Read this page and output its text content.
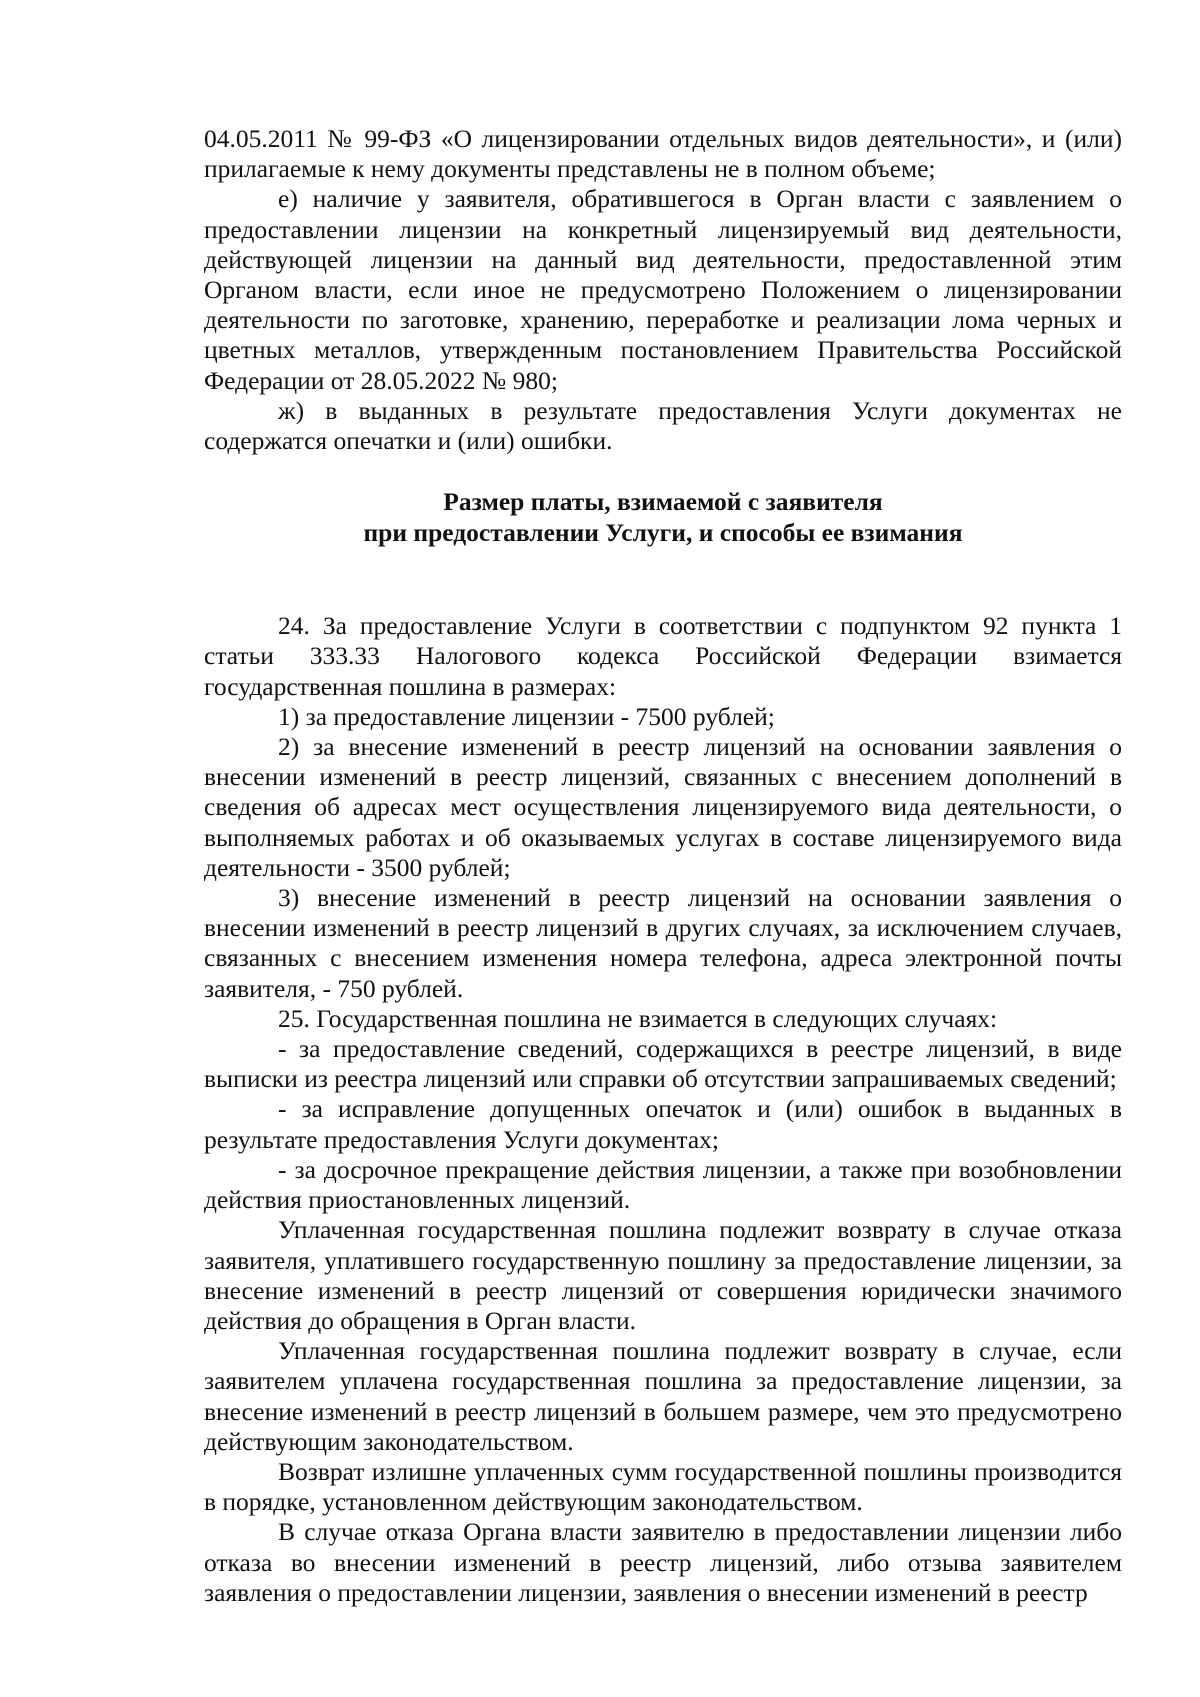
04.05.2011 № 99-ФЗ «О лицензировании отдельных видов деятельности», и (или) прилагаемые к нему документы представлены не в полном объеме;

е) наличие у заявителя, обратившегося в Орган власти с заявлением о предоставлении лицензии на конкретный лицензируемый вид деятельности, действующей лицензии на данный вид деятельности, предоставленной этим Органом власти, если иное не предусмотрено Положением о лицензировании деятельности по заготовке, хранению, переработке и реализации лома черных и цветных металлов, утвержденным постановлением Правительства Российской Федерации от 28.05.2022 № 980;

ж) в выданных в результате предоставления Услуги документах не содержатся опечатки и (или) ошибки.

Размер платы, взимаемой с заявителя
при предоставлении Услуги, и способы ее взимания

24. За предоставление Услуги в соответствии с подпунктом 92 пункта 1 статьи 333.33 Налогового кодекса Российской Федерации взимается государственная пошлина в размерах:

1) за предоставление лицензии - 7500 рублей;

2) за внесение изменений в реестр лицензий на основании заявления о внесении изменений в реестр лицензий, связанных с внесением дополнений в сведения об адресах мест осуществления лицензируемого вида деятельности, о выполняемых работах и об оказываемых услугах в составе лицензируемого вида деятельности - 3500 рублей;

3) внесение изменений в реестр лицензий на основании заявления о внесении изменений в реестр лицензий в других случаях, за исключением случаев, связанных с внесением изменения номера телефона, адреса электронной почты заявителя, - 750 рублей.

25. Государственная пошлина не взимается в следующих случаях:

- за предоставление сведений, содержащихся в реестре лицензий, в виде выписки из реестра лицензий или справки об отсутствии запрашиваемых сведений;

- за исправление допущенных опечаток и (или) ошибок в выданных в результате предоставления Услуги документах;

- за досрочное прекращение действия лицензии, а также при возобновлении действия приостановленных лицензий.

Уплаченная государственная пошлина подлежит возврату в случае отказа заявителя, уплатившего государственную пошлину за предоставление лицензии, за внесение изменений в реестр лицензий от совершения юридически значимого действия до обращения в Орган власти.

Уплаченная государственная пошлина подлежит возврату в случае, если заявителем уплачена государственная пошлина за предоставление лицензии, за внесение изменений в реестр лицензий в большем размере, чем это предусмотрено действующим законодательством.

Возврат излишне уплаченных сумм государственной пошлины производится в порядке, установленном действующим законодательством.

В случае отказа Органа власти заявителю в предоставлении лицензии либо отказа во внесении изменений в реестр лицензий, либо отзыва заявителем заявления о предоставлении лицензии, заявления о внесении изменений в реестр
